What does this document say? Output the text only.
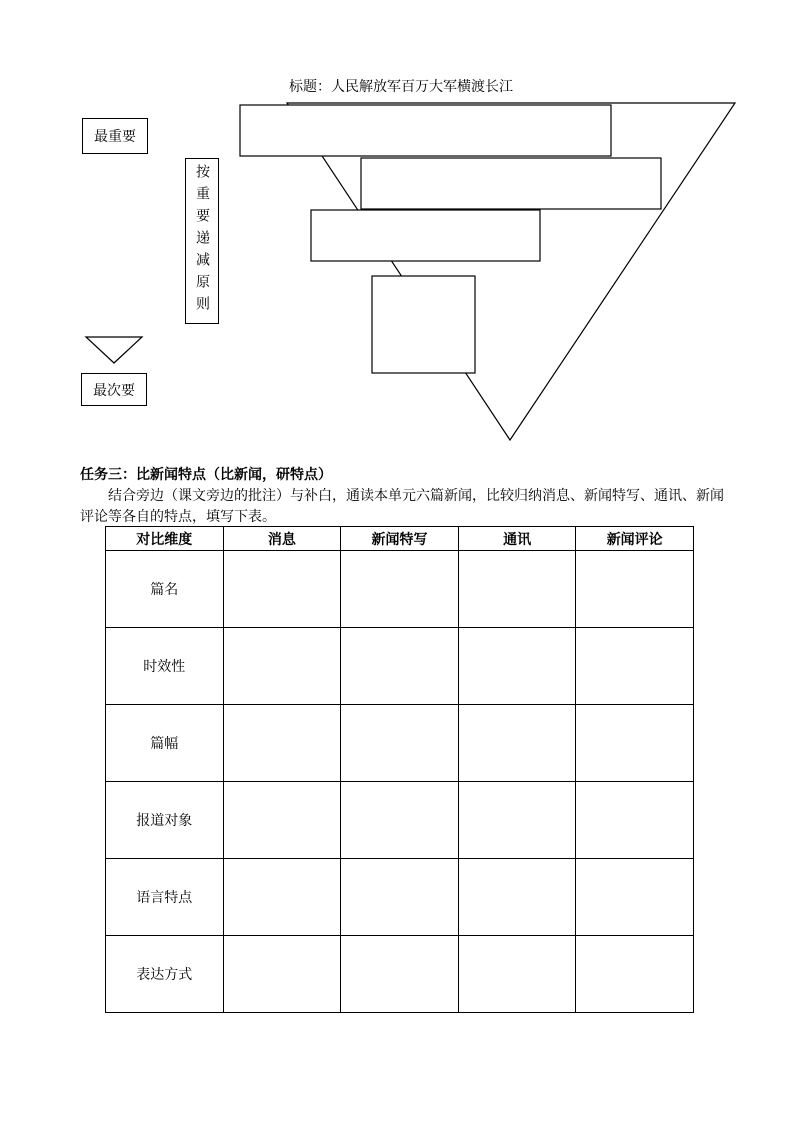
标题：人民解放军百万大军横渡长江
最重要
按重要递减原则
最次要
任务三：比新闻特点（比新闻，研特点）
结合旁边（课文旁边的批注）与补白，通读本单元六篇新闻，比较归纳消息、新闻特写、通讯、新闻评论等各自的特点，填写下表。
对比维度	消息	新闻特写	通讯	新闻评论
篇名				
时效性				
篇幅				
报道对象				
语言特点				
表达方式				
